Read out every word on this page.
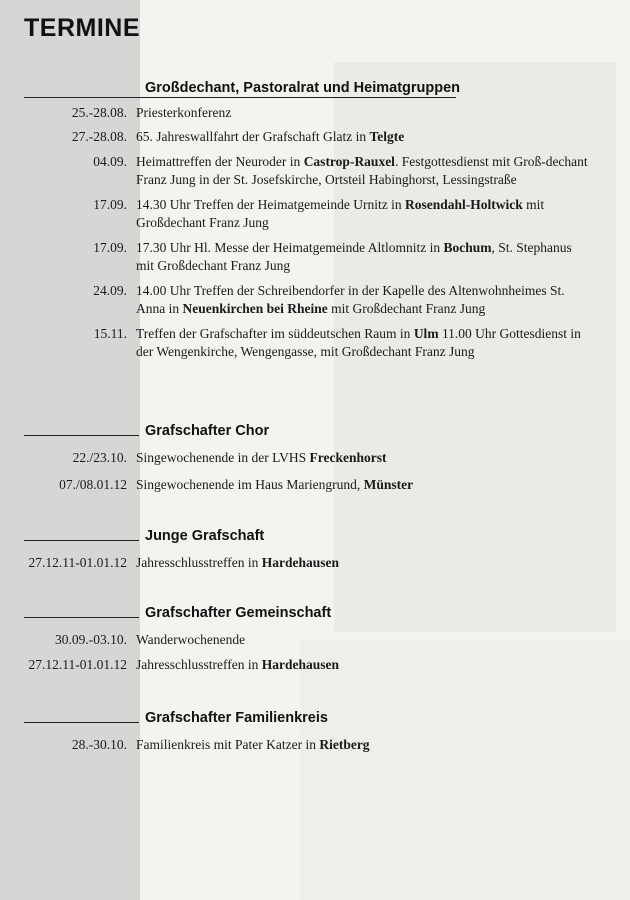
TERMINE
Großdechant, Pastoralrat und Heimatgruppen
25.-28.08. Priesterkonferenz
27.-28.08. 65. Jahreswallfahrt der Grafschaft Glatz in Telgte
04.09. Heimattreffen der Neuroder in Castrop-Rauxel. Festgottesdienst mit Groß-dechant Franz Jung in der St. Josefskirche, Ortsteil Habinghorst, Lessingstraße
17.09. 14.30 Uhr Treffen der Heimatgemeinde Urnitz in Rosendahl-Holtwick mit Großdechant Franz Jung
17.09. 17.30 Uhr Hl. Messe der Heimatgemeinde Altlomnitz in Bochum, St. Stephanus mit Großdechant Franz Jung
24.09. 14.00 Uhr Treffen der Schreibendorfer in der Kapelle des Altenwohnheimes St. Anna in Neuenkirchen bei Rheine mit Großdechant Franz Jung
15.11. Treffen der Grafschafter im süddeutschen Raum in Ulm 11.00 Uhr Gottesdienst in der Wengenkirche, Wengengasse, mit Großdechant Franz Jung
Grafschafter Chor
22./23.10. Singewochenende in der LVHS Freckenhorst
07./08.01.12 Singewochenende im Haus Mariengrund, Münster
Junge Grafschaft
27.12.11-01.01.12 Jahresschlusstreffen in Hardehausen
Grafschafter Gemeinschaft
30.09.-03.10. Wanderwochenende
27.12.11-01.01.12 Jahresschlusstreffen in Hardehausen
Grafschafter Familienkreis
28.-30.10. Familienkreis mit Pater Katzer in Rietberg
